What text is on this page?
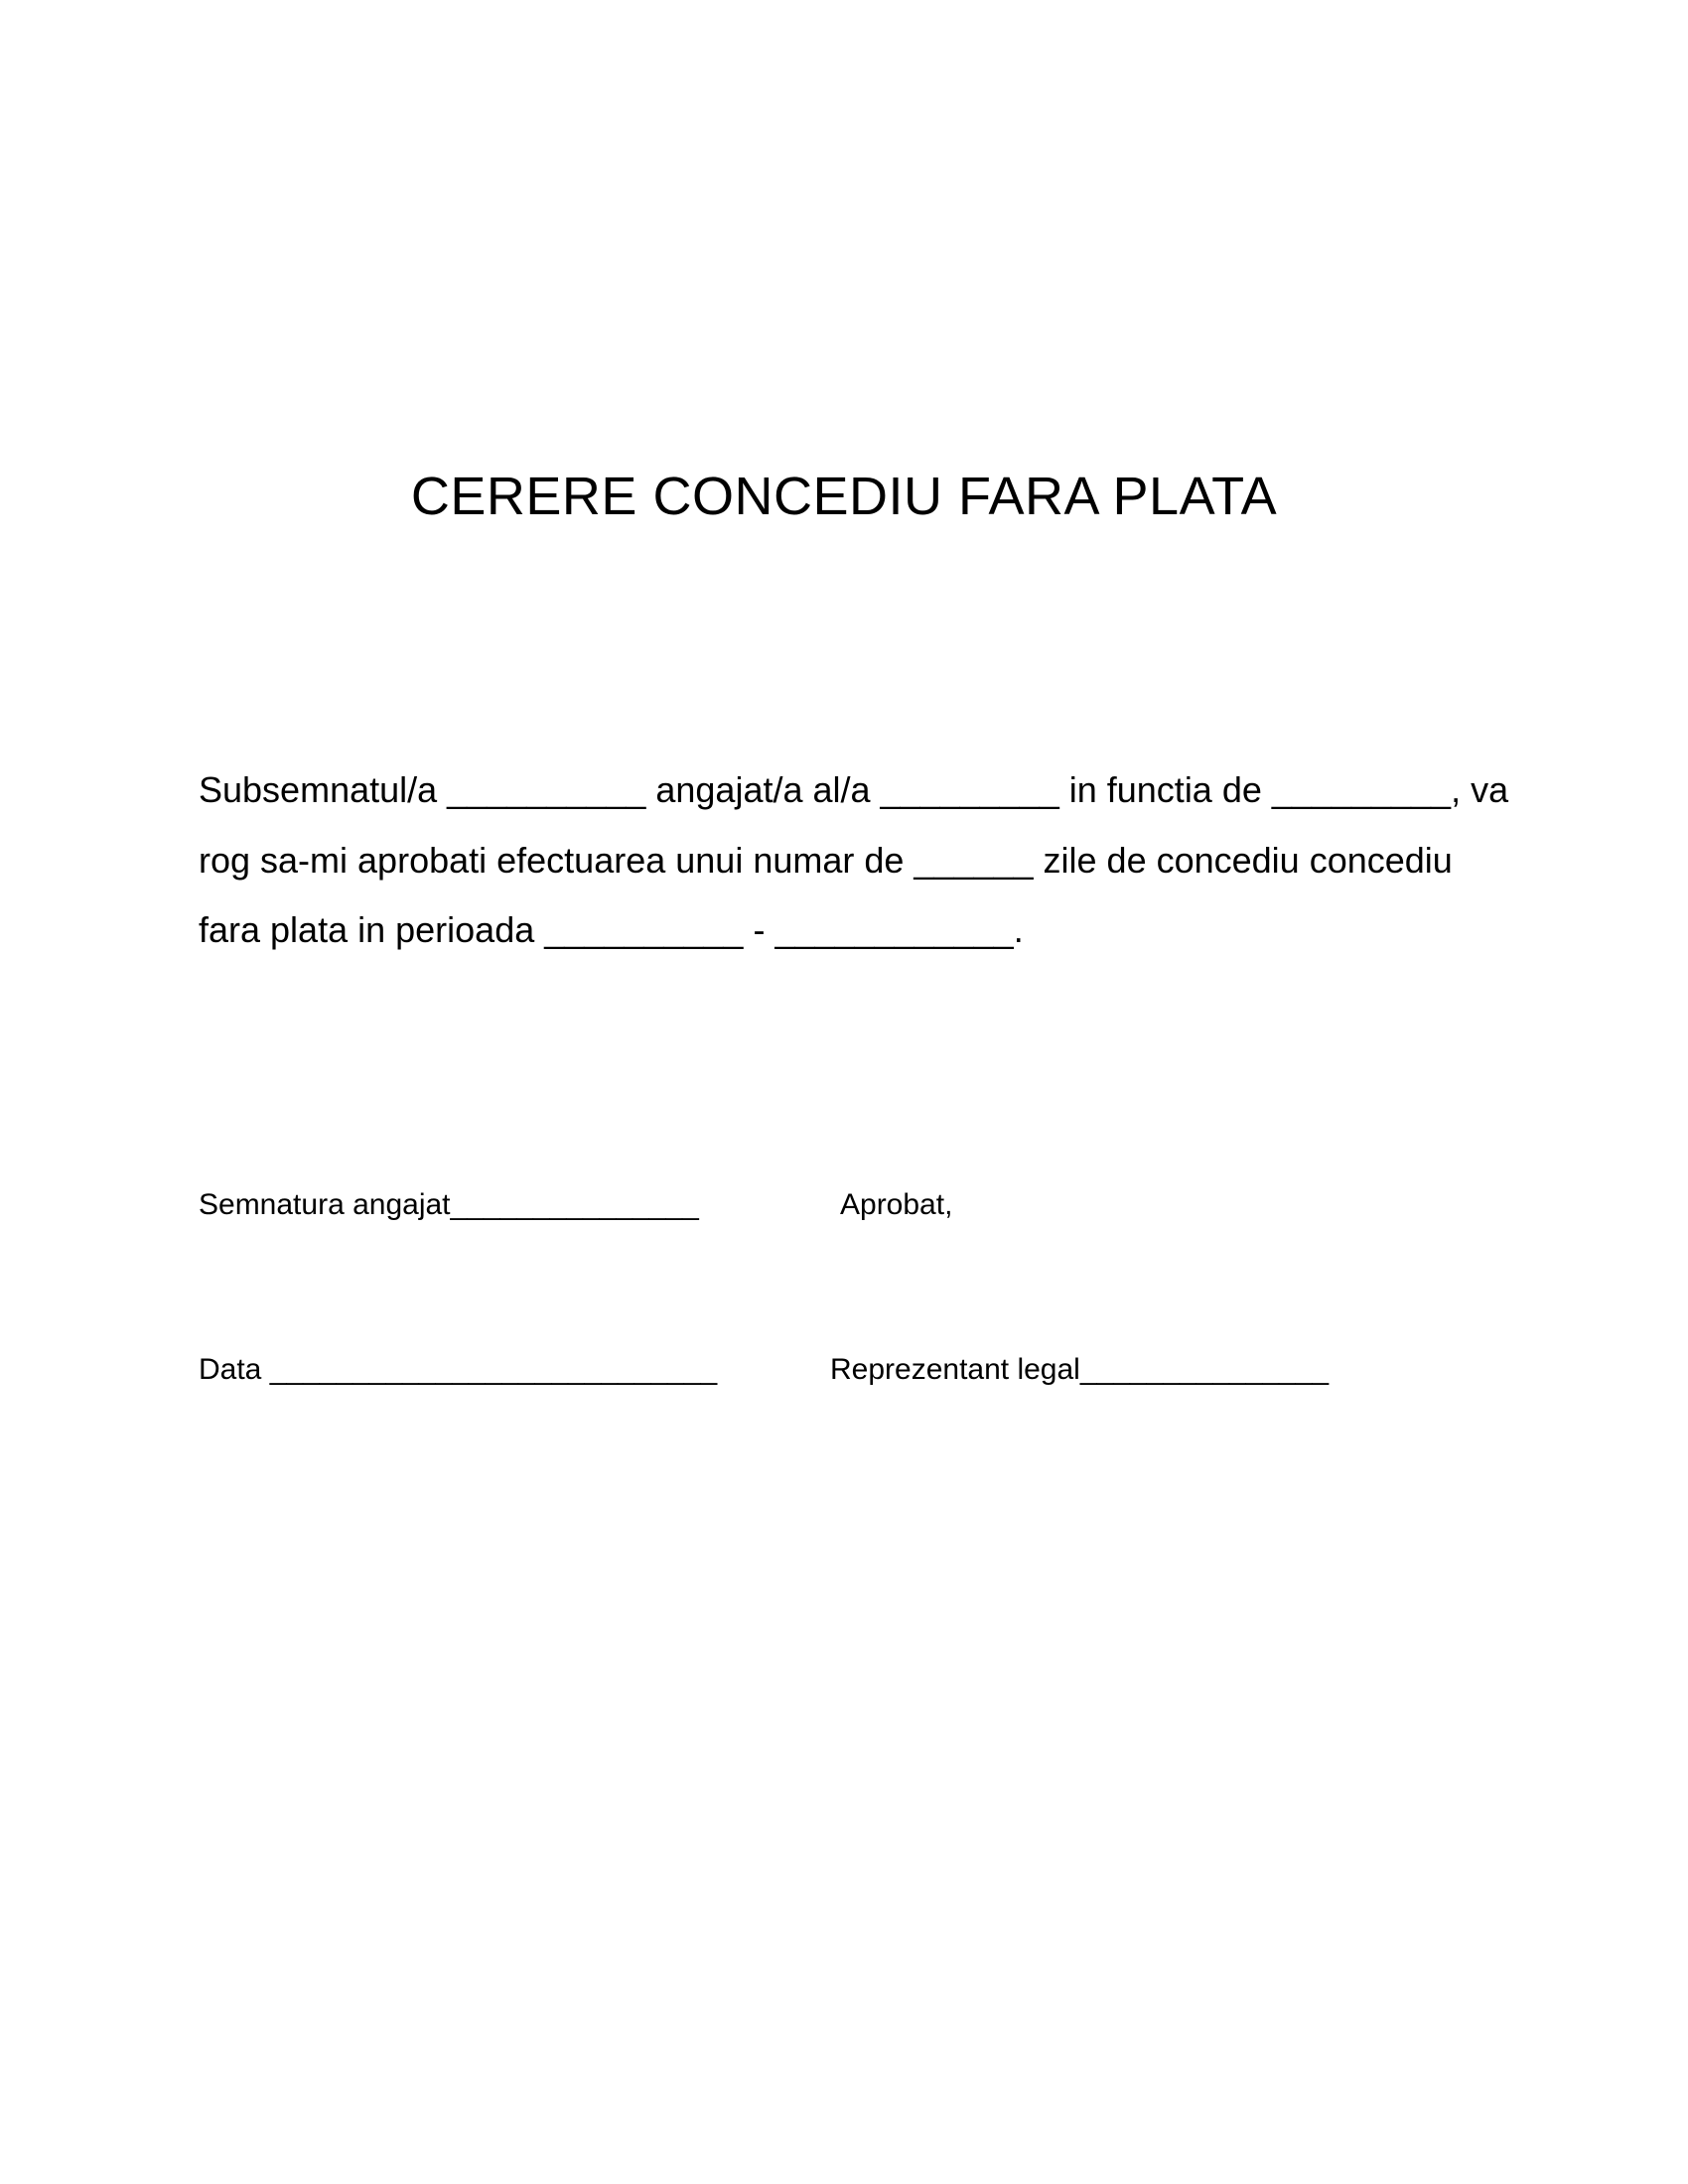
CERERE CONCEDIU FARA PLATA
Subsemnatul/a __________ angajat/a al/a _________ in functia de _________, va
rog sa-mi aprobati efectuarea unui numar de ______ zile de concediu concediu
fara plata in perioada __________ - ____________.
Semnatura angajat_______________	Aprobat,
Data ___________________________	Reprezentant legal_______________
